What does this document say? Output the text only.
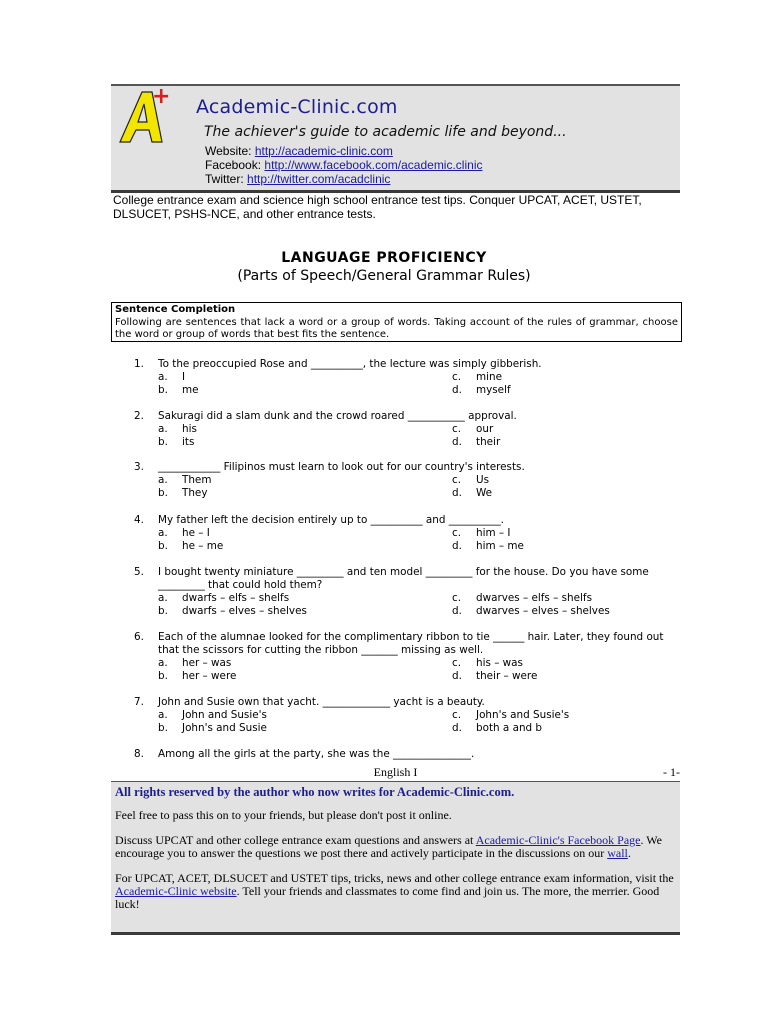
+ Academic-Clinic.com
The achiever's guide to academic life and beyond...
Website: http://academic-clinic.com
Facebook: http://www.facebook.com/academic.clinic
Twitter: http://twitter.com/acadclinic
College entrance exam and science high school entrance test tips. Conquer UPCAT, ACET, USTET, DLSUCET, PSHS-NCE, and other entrance tests.
LANGUAGE PROFICIENCY
(Parts of Speech/General Grammar Rules)
Sentence Completion
Following are sentences that lack a word or a group of words. Taking account of the rules of grammar, choose the word or group of words that best fits the sentence.
1.	To the preoccupied Rose and __________, the lecture was simply gibberish.
a. I	c. mine
b. me	d. myself
2.	Sakuragi did a slam dunk and the crowd roared ___________ approval.
a. his	c. our
b. its	d. their
3.	____________ Filipinos must learn to look out for our country's interests.
a. Them	c. Us
b. They	d. We
4.	My father left the decision entirely up to __________ and __________.
a. he – I	c. him – I
b. he – me	d. him – me
5.	I bought twenty miniature _________ and ten model _________ for the house. Do you have some _________ that could hold them?
a. dwarfs – elfs – shelfs	c. dwarves – elfs – shelfs
b. dwarfs – elves – shelves	d. dwarves – elves – shelves
6.	Each of the alumnae looked for the complimentary ribbon to tie ______ hair. Later, they found out that the scissors for cutting the ribbon _______ missing as well.
a. her – was	c. his – was
b. her – were	d. their – were
7.	John and Susie own that yacht. _____________ yacht is a beauty.
a. John and Susie's	c. John's and Susie's
b. John's and Susie	d. both a and b
8.	Among all the girls at the party, she was the _______________.
English I	- 1-

All rights reserved by the author who now writes for Academic-Clinic.com.

Feel free to pass this on to your friends, but please don't post it online.

Discuss UPCAT and other college entrance exam questions and answers at Academic-Clinic's Facebook Page. We encourage you to answer the questions we post there and actively participate in the discussions on our wall.

For UPCAT, ACET, DLSUCET and USTET tips, tricks, news and other college entrance exam information, visit the Academic-Clinic website. Tell your friends and classmates to come find and join us. The more, the merrier. Good luck!
